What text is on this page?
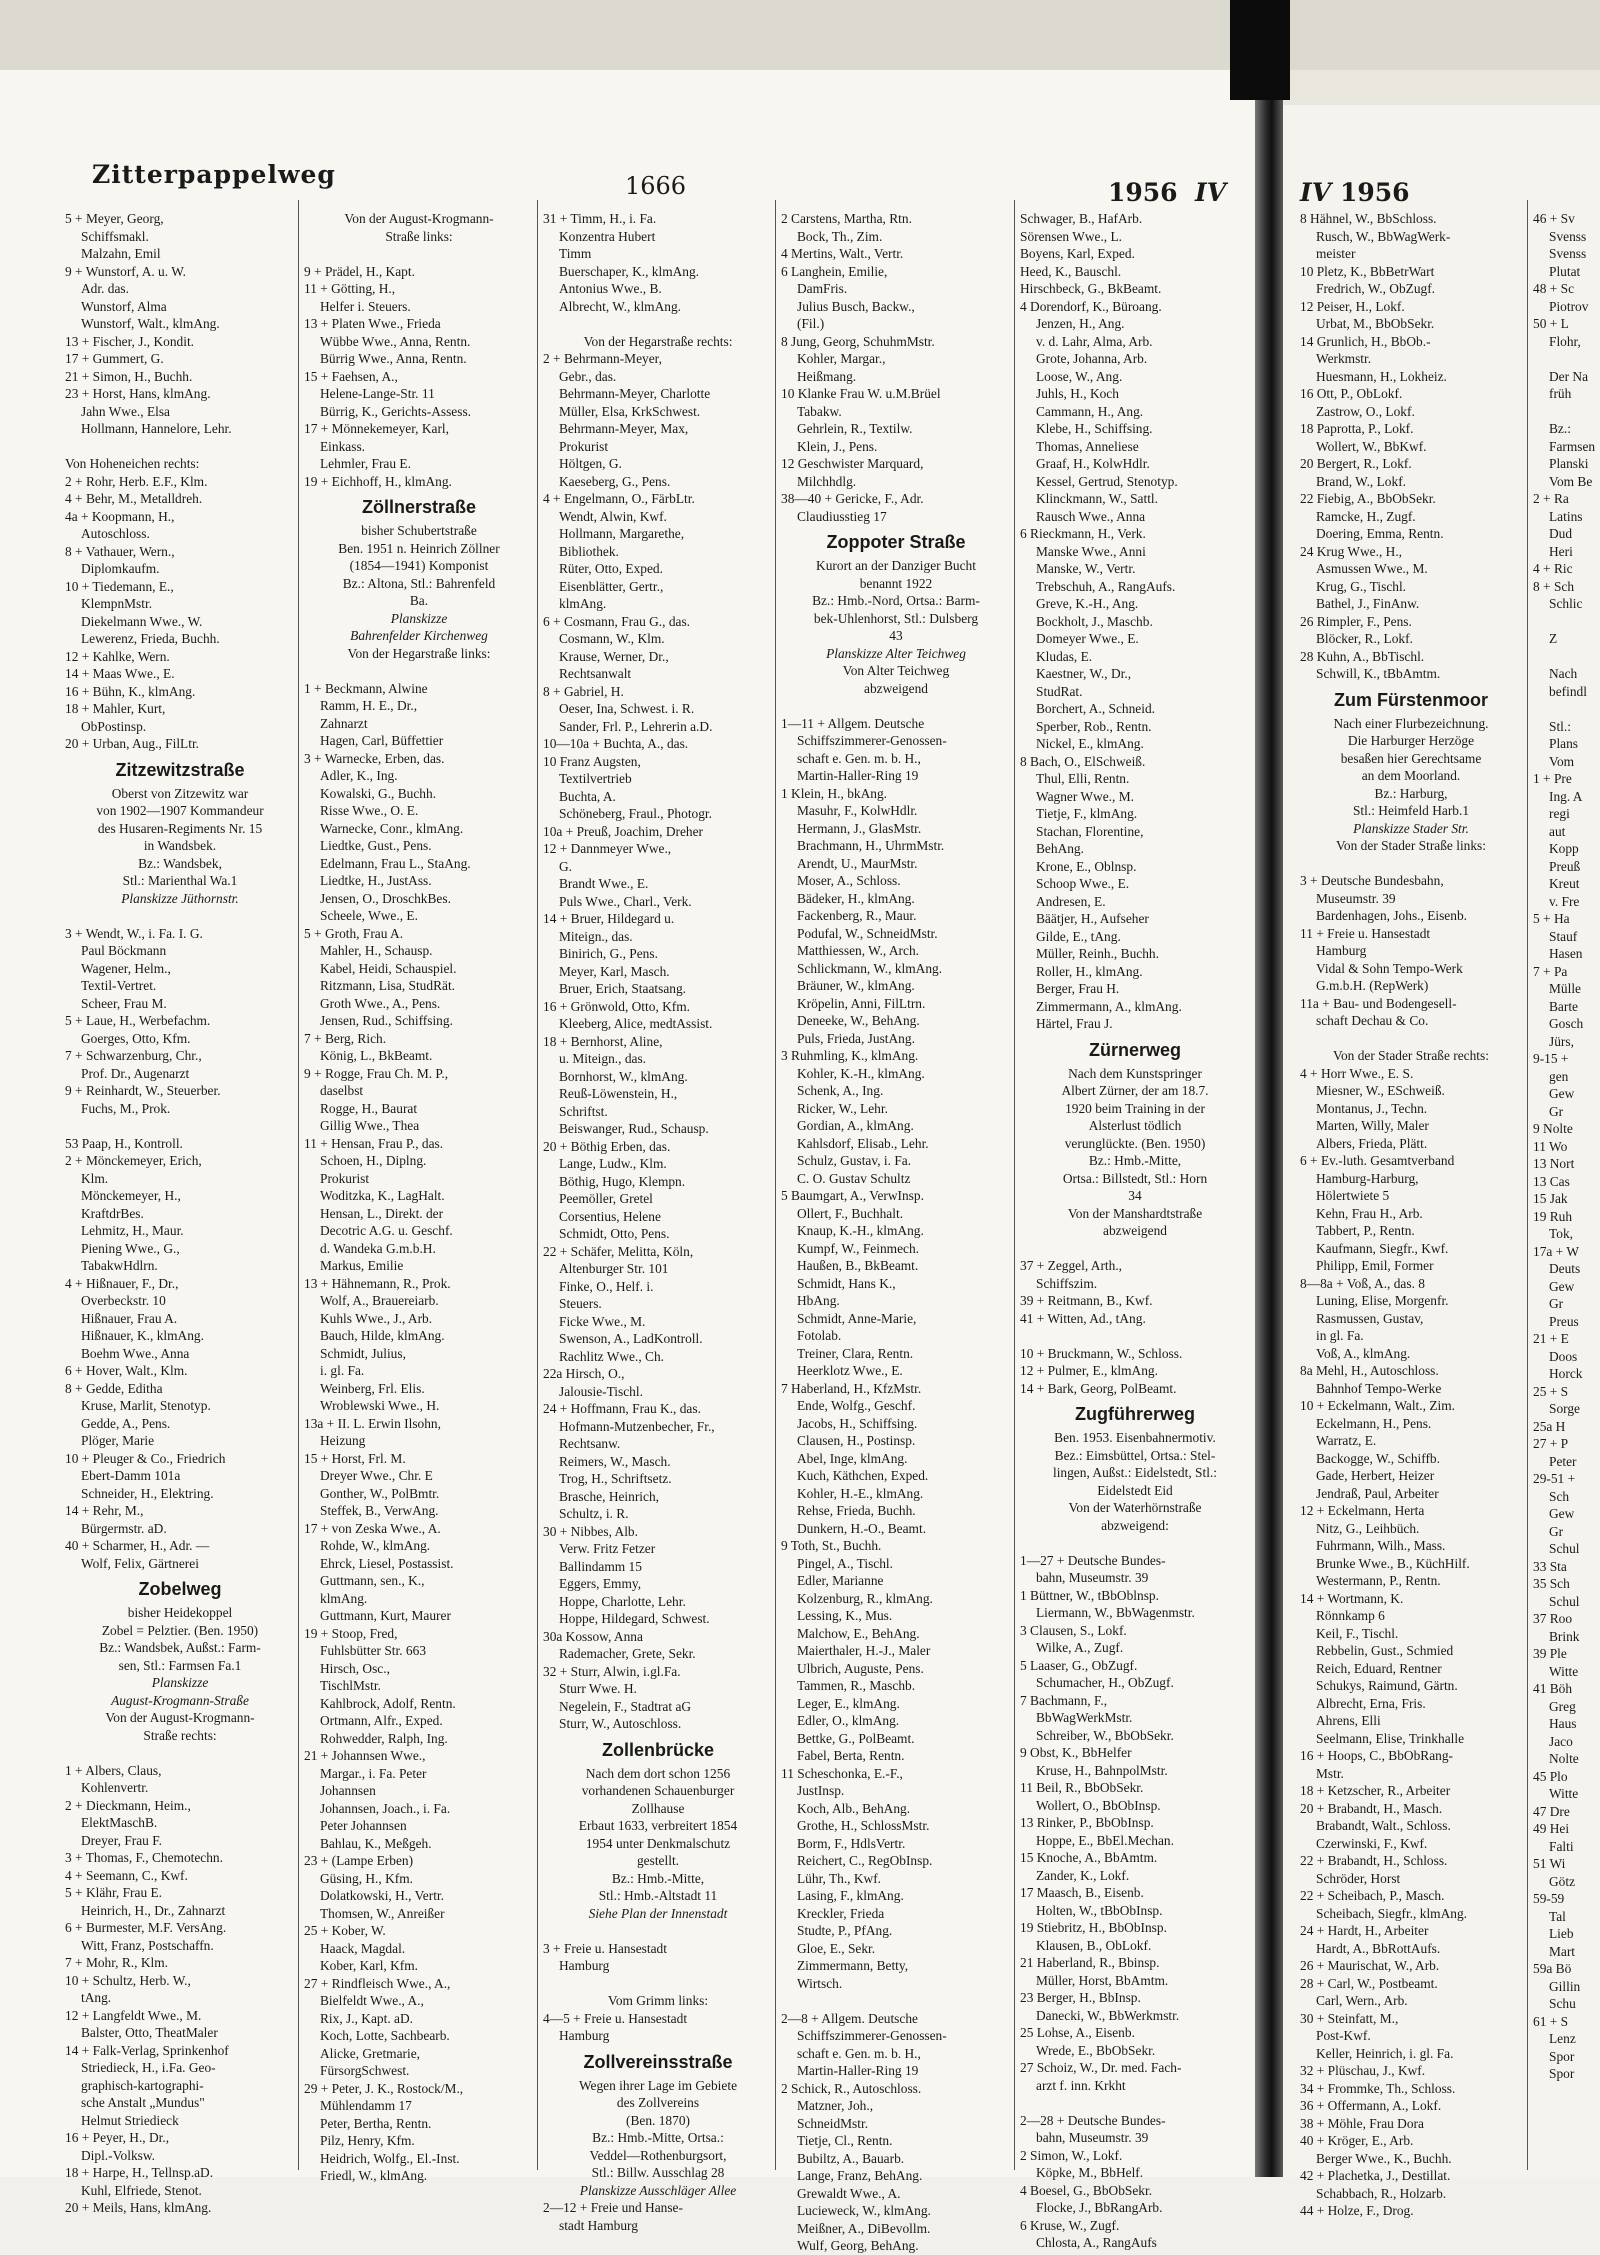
Zitterpappelweg	1666	1956 IV	IV 1956
5 + Meyer, Georg,
Schiffsmakl.
Malzahn, Emil
9 + Wunstorf, A. u. W.
Adr. das.
Wunstorf, Alma
Wunstorf, Walt., klmAng.
13 + Fischer, J., Kondit.
17 + Gummert, G.
21 + Simon, H., Buchh.
23 + Horst, Hans, klmAng.
Jahn Wwe., Elsa
Hollmann, Hannelore, Lehr.

Von Hoheneichen rechts:
2 + Rohr, Herb. E.F., Klm.
4 + Behr, M., Metalldreh.
4a + Koopmann, H.,
Autoschloss.
8 + Vathauer, Wern.,
Diplomkaufm.
10 + Tiedemann, E.,
KlempnMstr.
Diekelmann Wwe., W.
Lewerenz, Frieda, Buchh.
12 + Kahlke, Wern.
14 + Maas Wwe., E.
16 + Bühn, K., klmAng.
18 + Mahler, Kurt,
ObPostinsp.
20 + Urban, Aug., FilLtr.
Zitzewitzstraße
Oberst von Zitzewitz war
von 1902—1907 Kommandeur
des Husaren-Regiments Nr. 15
in Wandsbek.
Bz.: Wandsbek,
Stl.: Marienthal Wa.1
Planskizze Jüthornstr.

3 + Wendt, W., i. Fa. I. G.
Paul Böckmann
Wagener, Helm.,
Textil-Vertret.
Scheer, Frau M.
5 + Laue, H., Werbefachm.
Goerges, Otto, Kfm.
7 + Schwarzenburg, Chr.,
Prof. Dr., Augenarzt
9 + Reinhardt, W., Steuerber.
Fuchs, M., Prok.

53 Paap, H., Kontroll.
2 + Mönckemeyer, Erich,
Klm.
Mönckemeyer, H.,
KraftdrBes.
Lehmitz, H., Maur.
Piening Wwe., G.,
TabakwHdlrn.
4 + Hißnauer, F., Dr.,
Overbeckstr. 10
Hißnauer, Frau A.
Hißnauer, K., klmAng.
Boehm Wwe., Anna
6 + Hover, Walt., Klm.
8 + Gedde, Editha
Kruse, Marlit, Stenotyp.
Gedde, A., Pens.
Plöger, Marie
10 + Pleuger & Co., Friedrich
Ebert-Damm 101a
Schneider, H., Elektring.
14 + Rehr, M.,
Bürgermstr. aD.
40 + Scharmer, H., Adr. —
Wolf, Felix, Gärtnerei
Zobelweg
bisher Heidekoppel
Zobel = Pelztier. (Ben. 1950)
Bz.: Wandsbek, Außst.: Farm-
sen, Stl.: Farmsen Fa.1
Planskizze
August-Krogmann-Straße
Von der August-Krogmann-
Straße rechts:

1 + Albers, Claus,
Kohlenvertr.
2 + Dieckmann, Heim.,
ElektMaschB.
Dreyer, Frau F.
3 + Thomas, F., Chemotechn.
4 + Seemann, C., Kwf.
5 + Klähr, Frau E.
Heinrich, H., Dr., Zahnarzt
6 + Burmester, M.F. VersAng.
Witt, Franz, Postschaffn.
7 + Mohr, R., Klm.
10 + Schultz, Herb. W.,
tAng.
12 + Langfeldt Wwe., M.
Balster, Otto, TheatMaler
14 + Falk-Verlag, Sprinkenhof
Striedieck, H., i.Fa. Geo-
graphisch-kartographi-
sche Anstalt „Mundus"
Helmut Striedieck
16 + Peyer, H., Dr.,
Dipl.-Volksw.
18 + Harpe, H., Tellnsp.aD.
Kuhl, Elfriede, Stenot.
20 + Meils, Hans, klmAng.
Von der August-Krogmann-
Straße links:

9 + Prädel, H., Kapt.
11 + Götting, H.,
Helfer i. Steuers.
13 + Platen Wwe., Frieda
Wübbe Wwe., Anna, Rentn.
Bürrig Wwe., Anna, Rentn.
15 + Faehsen, A.,
Helene-Lange-Str. 11
Bürrig, K., Gerichts-Assess.
17 + Mönnekemeyer, Karl,
Einkass.
Lehmler, Frau E.
19 + Eichhoff, H., klmAng.
Zöllnerstraße
bisher Schubertstraße
Ben. 1951 n. Heinrich Zöllner
(1854—1941) Komponist
Bz.: Altona, Stl.: Bahrenfeld
Ba.
Planskizze
Bahrenfelder Kirchenweg
Von der Hegarstraße links:

1 + Beckmann, Alwine
Ramm, H. E., Dr.,
Zahnarzt
Hagen, Carl, Büffettier
3 + Warnecke, Erben, das.
Adler, K., Ing.
Kowalski, G., Buchh.
Risse Wwe., O. E.
Warnecke, Conr., klmAng.
Liedtke, Gust., Pens.
Edelmann, Frau L., StaAng.
Liedtke, H., JustAss.
Jensen, O., DroschkBes.
Scheele, Wwe., E.
5 + Groth, Frau A.
Mahler, H., Schausp.
Kabel, Heidi, Schauspiel.
Ritzmann, Lisa, StudRät.
Groth Wwe., A., Pens.
Jensen, Rud., Schiffsing.
7 + Berg, Rich.
König, L., BkBeamt.
9 + Rogge, Frau Ch. M. P.,
daselbst
Rogge, H., Baurat
Gillig Wwe., Thea
11 + Hensan, Frau P., das.
Schoen, H., Diplng.
Prokurist
Woditzka, K., LagHalt.
Hensan, L., Direkt. der
Decotric A.G. u. Geschf.
d. Wandeka G.m.b.H.
Markus, Emilie
13 + Hähnemann, R., Prok.
Wolf, A., Brauereiarb.
Kuhls Wwe., J., Arb.
Bauch, Hilde, klmAng.
Schmidt, Julius,
i. gl. Fa.
Weinberg, Frl. Elis.
Wroblewski Wwe., H.
13a + II. L. Erwin Ilsohn,
Heizung
15 + Horst, Frl. M.
Dreyer Wwe., Chr. E
Gonther, W., PolBmtr.
Steffek, B., VerwAng.
17 + von Zeska Wwe., A.
Rohde, W., klmAng.
Ehrck, Liesel, Postassist.
Guttmann, sen., K.,
klmAng.
Guttmann, Kurt, Maurer
19 + Stoop, Fred,
Fuhlsbütter Str. 663
Hirsch, Osc.,
TischlMstr.
Kahlbrock, Adolf, Rentn.
Ortmann, Alfr., Exped.
Rohwedder, Ralph, Ing.
21 + Johannsen Wwe.,
Margar., i. Fa. Peter
Johannsen
Johannsen, Joach., i. Fa.
Peter Johannsen
Bahlau, K., Meßgeh.
23 + (Lampe Erben)
Güsing, H., Kfm.
Dolatkowski, H., Vertr.
Thomsen, W., Anreißer
25 + Kober, W.
Haack, Magdal.
Kober, Karl, Kfm.
27 + Rindfleisch Wwe., A.,
Bielfeldt Wwe., A.,
Rix, J., Kapt. aD.
Koch, Lotte, Sachbearb.
Alicke, Gretmarie,
FürsorgSchwest.
29 + Peter, J. K., Rostock/M.,
Mühlendamm 17
Peter, Bertha, Rentn.
Pilz, Henry, Kfm.
Heidrich, Wolfg., El.-Inst.
Friedl, W., klmAng.
31 + Timm, H., i. Fa.
Konzentra Hubert
Timm
Buerschaper, K., klmAng.
Antonius Wwe., B.
Albrecht, W., klmAng.

Von der Hegarstraße rechts:
2 + Behrmann-Meyer,
Gebr., das.
Behrmann-Meyer, Charlotte
Müller, Elsa, KrkSchwest.
Behrmann-Meyer, Max,
Prokurist
Höltgen, G.
Kaeseberg, G., Pens.
4 + Engelmann, O., FärbLtr.
Wendt, Alwin, Kwf.
Hollmann, Margarethe,
Bibliothek.
Rüter, Otto, Exped.
Eisenblätter, Gertr.,
klmAng.
6 + Cosmann, Frau G., das.
Cosmann, W., Klm.
Krause, Werner, Dr.,
Rechtsanwalt
8 + Gabriel, H.
Oeser, Ina, Schwest. i. R.
Sander, Frl. P., Lehrerin a.D.
10—10a + Buchta, A., das.
10 Franz Augsten,
Textilvertrieb
Buchta, A.
Schöneberg, Fraul., Photogr.
10a + Preuß, Joachim, Dreher
12 + Dannmeyer Wwe.,
G.
Brandt Wwe., E.
Puls Wwe., Charl., Verk.
14 + Bruer, Hildegard u.
Miteign., das.
Binirich, G., Pens.
Meyer, Karl, Masch.
Bruer, Erich, Staatsang.
16 + Grönwold, Otto, Kfm.
Kleeberg, Alice, medtAssist.
18 + Bernhorst, Aline,
u. Miteign., das.
Bornhorst, W., klmAng.
Reuß-Löwenstein, H.,
Schriftst.
Beiswanger, Rud., Schausp.
20 + Böthig Erben, das.
Lange, Ludw., Klm.
Böthig, Hugo, Klempn.
Peemöller, Gretel
Corsentius, Helene
Schmidt, Otto, Pens.
22 + Schäfer, Melitta, Köln,
Altenburger Str. 101
Finke, O., Helf. i.
Steuers.
Ficke Wwe., M.
Swenson, A., LadKontroll.
Rachlitz Wwe., Ch.
22a Hirsch, O.,
Jalousie-Tischl.
24 + Hoffmann, Frau K., das.
Hofmann-Mutzenbecher, Fr.,
Rechtsanw.
Reimers, W., Masch.
Trog, H., Schriftsetz.
Brasche, Heinrich,
Schultz, i. R.
30 + Nibbes, Alb.
Verw. Fritz Fetzer
Ballindamm 15
Eggers, Emmy,
Hoppe, Charlotte, Lehr.
Hoppe, Hildegard, Schwest.
30a Kossow, Anna
Rademacher, Grete, Sekr.
32 + Sturr, Alwin, i.gl.Fa.
Sturr Wwe. H.
Negelein, F., Stadtrat aG
Sturr, W., Autoschloss.
Zollenbrücke
Nach dem dort schon 1256
vorhandenen Schauenburger
Zollhause
Erbaut 1633, verbreitert 1854
1954 unter Denkmalschutz
gestellt.
Bz.: Hmb.-Mitte,
Stl.: Hmb.-Altstadt 11
Siehe Plan der Innenstadt

3 + Freie u. Hansestadt
Hamburg

Vom Grimm links:
4—5 + Freie u. Hansestadt
Hamburg
Zollvereinsstraße
Wegen ihrer Lage im Gebiete
des Zollvereins
(Ben. 1870)
Bz.: Hmb.-Mitte, Ortsa.:
Veddel—Rothenburgsort,
Stl.: Billw. Ausschlag 28
Planskizze Ausschläger Allee
2—12 + Freie und Hanse-
stadt Hamburg
2 Carstens, Martha, Rtn.
Bock, Th., Zim.
4 Mertins, Walt., Vertr.
6 Langhein, Emilie,
DamFris.
Julius Busch, Backw.,
(Fil.)
8 Jung, Georg, SchuhmMstr.
Kohler, Margar.,
Heißmang.
10 Klanke Frau W. u.M.Brüel
Tabakw.
Gehrlein, R., Textilw.
Klein, J., Pens.
12 Geschwister Marquard,
Milchhdlg.
38—40 + Gericke, F., Adr.
Claudiusstieg 17
Zoppoter Straße
Kurort an der Danziger Bucht
benannt 1922
Bz.: Hmb.-Nord, Ortsa.: Barm-
bek-Uhlenhorst, Stl.: Dulsberg
43
Planskizze Alter Teichweg
Von Alter Teichweg
abzweigend

1—11 + Allgem. Deutsche
Schiffszimmerer-Genossen-
schaft e. Gen. m. b. H.,
Martin-Haller-Ring 19
1 Klein, H., bkAng.
Masuhr, F., KolwHdlr.
Hermann, J., GlasMstr.
Brachmann, H., UhrmMstr.
Arendt, U., MaurMstr.
Moser, A., Schloss.
Bädeker, H., klmAng.
Fackenberg, R., Maur.
Podufal, W., SchneidMstr.
Matthiessen, W., Arch.
Schlickmann, W., klmAng.
Bräuner, W., klmAng.
Kröpelin, Anni, FilLtrn.
Deneeke, W., BehAng.
Puls, Frieda, JustAng.
3 Ruhmling, K., klmAng.
Kohler, K.-H., klmAng.
Schenk, A., Ing.
Ricker, W., Lehr.
Gordian, A., klmAng.
Kahlsdorf, Elisab., Lehr.
Schulz, Gustav, i. Fa.
C. O. Gustav Schultz
5 Baumgart, A., VerwInsp.
Ollert, F., Buchhalt.
Knaup, K.-H., klmAng.
Kumpf, W., Feinmech.
Haußen, B., BkBeamt.
Schmidt, Hans K.,
HbAng.
Schmidt, Anne-Marie,
Fotolab.
Treiner, Clara, Rentn.
Heerklotz Wwe., E.
7 Haberland, H., KfzMstr.
Ende, Wolfg., Geschf.
Jacobs, H., Schiffsing.
Clausen, H., Postinsp.
Abel, Inge, klmAng.
Kuch, Käthchen, Exped.
Kohler, H.-E., klmAng.
Rehse, Frieda, Buchh.
Dunkern, H.-O., Beamt.
9 Toth, St., Buchh.
Pingel, A., Tischl.
Edler, Marianne
Kolzenburg, R., klmAng.
Lessing, K., Mus.
Malchow, E., BehAng.
Maierthaler, H.-J., Maler
Ulbrich, Auguste, Pens.
Tammen, R., Maschb.
Leger, E., klmAng.
Edler, O., klmAng.
Bettke, G., PolBeamt.
Fabel, Berta, Rentn.
11 Scheschonka, E.-F.,
JustInsp.
Koch, Alb., BehAng.
Grothe, H., SchlossMstr.
Borm, F., HdlsVertr.
Reichert, C., RegObInsp.
Lühr, Th., Kwf.
Lasing, F., klmAng.
Kreckler, Frieda
Studte, P., PfAng.
Gloe, E., Sekr.
Zimmermann, Betty,
Wirtsch.

2—8 + Allgem. Deutsche
Schiffszimmerer-Genossen-
schaft e. Gen. m. b. H.,
Martin-Haller-Ring 19
2 Schick, R., Autoschloss.
Matzner, Joh.,
SchneidMstr.
Tietje, Cl., Rentn.
Bubiltz, A., Bauarb.
Lange, Franz, BehAng.
Grewaldt Wwe., A.
Lucieweck, W., klmAng.
Meißner, A., DiBevollm.
Wulf, Georg, BehAng.
Schwager, B., HafArb.
Sörensen Wwe., L.
Boyens, Karl, Exped.
Heed, K., Bauschl.
Hirschbeck, G., BkBeamt.
4 Dorendorf, K., Büroang.
Jenzen, H., Ang.
v. d. Lahr, Alma, Arb.
Grote, Johanna, Arb.
Loose, W., Ang.
Juhls, H., Koch
Cammann, H., Ang.
Klebe, H., Schiffsing.
Thomas, Anneliese
Graaf, H., KolwHdlr.
Kessel, Gertrud, Stenotyp.
Klinckmann, W., Sattl.
Rausch Wwe., Anna
6 Rieckmann, H., Verk.
Manske Wwe., Anni
Manske, W., Vertr.
Trebschuh, A., RangAufs.
Greve, K.-H., Ang.
Bockholt, J., Maschb.
Domeyer Wwe., E.
Kludas, E.
Kaestner, W., Dr.,
StudRat.
Borchert, A., Schneid.
Sperber, Rob., Rentn.
Nickel, E., klmAng.
8 Bach, O., ElSchweiß.
Thul, Elli, Rentn.
Wagner Wwe., M.
Tietje, F., klmAng.
Stachan, Florentine,
BehAng.
Krone, E., Oblnsp.
Schoop Wwe., E.
Andresen, E.
Bäätjer, H., Aufseher
Gilde, E., tAng.
Müller, Reinh., Buchh.
Roller, H., klmAng.
Berger, Frau H.
Zimmermann, A., klmAng.
Härtel, Frau J.
Zürnerweg
Nach dem Kunstspringer
Albert Zürner, der am 18.7.
1920 beim Training in der
Alsterlust tödlich
verunglückte. (Ben. 1950)
Bz.: Hmb.-Mitte,
Ortsa.: Billstedt, Stl.: Horn
34
Von der Manshardtstraße
abzweigend

37 + Zeggel, Arth.,
Schiffszim.
39 + Reitmann, B., Kwf.
41 + Witten, Ad., tAng.

10 + Bruckmann, W., Schloss.
12 + Pulmer, E., klmAng.
14 + Bark, Georg, PolBeamt.
Zugführerweg
Ben. 1953. Eisenbahnermotiv.
Bez.: Eimsbüttel, Ortsa.: Stel-
lingen, Außst.: Eidelstedt, Stl.:
Eidelstedt Eid
Von der Waterhörnstraße
abzweigend:

1—27 + Deutsche Bundes-
bahn, Museumstr. 39
1 Büttner, W., tBbOblnsp.
Liermann, W., BbWagenmstr.
3 Clausen, S., Lokf.
Wilke, A., Zugf.
5 Laaser, G., ObZugf.
Schumacher, H., ObZugf.
7 Bachmann, F.,
BbWagWerkMstr.
Schreiber, W., BbObSekr.
9 Obst, K., BbHelfer
Kruse, H., BahnpolMstr.
11 Beil, R., BbObSekr.
Wollert, O., BbObInsp.
13 Rinker, P., BbObInsp.
Hoppe, E., BbEl.Mechan.
15 Knoche, A., BbAmtm.
Zander, K., Lokf.
17 Maasch, B., Eisenb.
Holten, W., tBbObInsp.
19 Stiebritz, H., BbObInsp.
Klausen, B., ObLokf.
21 Haberland, R., Bbinsp.
Müller, Horst, BbAmtm.
23 Berger, H., BbInsp.
Danecki, W., BbWerkmstr.
25 Lohse, A., Eisenb.
Wrede, E., BbObSekr.
27 Schoiz, W., Dr. med. Fach-
arzt f. inn. Krkht

2—28 + Deutsche Bundes-
bahn, Museumstr. 39
2 Simon, W., Lokf.
Köpke, M., BbHelf.
4 Boesel, G., BbObSekr.
Flocke, J., BbRangArb.
6 Kruse, W., Zugf.
Chlosta, A., RangAufs
8 Hähnel, W., BbSchloss.
Rusch, W., BbWagWerk-
meister
10 Pletz, K., BbBetrWart
Fredrich, W., ObZugf.
12 Peiser, H., Lokf.
Urbat, M., BbObSekr.
14 Grunlich, H., BbOb.-
Werkmstr.
Huesmann, H., Lokheiz.
16 Ott, P., ObLokf.
Zastrow, O., Lokf.
18 Paprotta, P., Lokf.
Wollert, W., BbKwf.
20 Bergert, R., Lokf.
Brand, W., Lokf.
22 Fiebig, A., BbObSekr.
Ramcke, H., Zugf.
Doering, Emma, Rentn.
24 Krug Wwe., H.,
Asmussen Wwe., M.
Krug, G., Tischl.
Bathel, J., FinAnw.
26 Rimpler, F., Pens.
Blöcker, R., Lokf.
28 Kuhn, A., BbTischl.
Schwill, K., tBbAmtm.
Zum Fürstenmoor
Nach einer Flurbezeichnung.
Die Harburger Herzöge
besaßen hier Gerechtsame
an dem Moorland.
Bz.: Harburg,
Stl.: Heimfeld Harb.1
Planskizze Stader Str.
Von der Stader Straße links:

3 + Deutsche Bundesbahn,
Museumstr. 39
Bardenhagen, Johs., Eisenb.
11 + Freie u. Hansestadt
Hamburg
Vidal & Sohn Tempo-Werk
G.m.b.H. (RepWerk)
11a + Bau- und Bodengesell-
schaft Dechau & Co.

Von der Stader Straße rechts:
4 + Horr Wwe., E. S.
Miesner, W., ESchweiß.
Montanus, J., Techn.
Marten, Willy, Maler
Albers, Frieda, Plätt.
6 + Ev.-luth. Gesamtverband
Hamburg-Harburg,
Hölertwiete 5
Kehn, Frau H., Arb.
Tabbert, P., Rentn.
Kaufmann, Siegfr., Kwf.
Philipp, Emil, Former
8—8a + Voß, A., das. 8
Luning, Elise, Morgenfr.
Rasmussen, Gustav,
in gl. Fa.
Voß, A., klmAng.
8a Mehl, H., Autoschloss.
Bahnhof Tempo-Werke
10 + Eckelmann, Walt., Zim.
Eckelmann, H., Pens.
Warratz, E.
Backogge, W., Schiffb.
Gade, Herbert, Heizer
Jendraß, Paul, Arbeiter
12 + Eckelmann, Herta
Nitz, G., Leihbüch.
Fuhrmann, Wilh., Mass.
Brunke Wwe., B., KüchHilf.
Westermann, P., Rentn.
14 + Wortmann, K.
Rönnkamp 6
Keil, F., Tischl.
Rebbelin, Gust., Schmied
Reich, Eduard, Rentner
Schukys, Raimund, Gärtn.
Albrecht, Erna, Fris.
Ahrens, Elli
Seelmann, Elise, Trinkhalle
16 + Hoops, C., BbObRang-
Mstr.
18 + Ketzscher, R., Arbeiter
20 + Brabandt, H., Masch.
Brabandt, Walt., Schloss.
Czerwinski, F., Kwf.
22 + Brabandt, H., Schloss.
Schröder, Horst
22 + Scheibach, P., Masch.
Scheibach, Siegfr., klmAng.
24 + Hardt, H., Arbeiter
Hardt, A., BbRottAufs.
26 + Maurischat, W., Arb.
28 + Carl, W., Postbeamt.
Carl, Wern., Arb.
30 + Steinfatt, M.,
Post-Kwf.
Keller, Heinrich, i. gl. Fa.
32 + Plüschau, J., Kwf.
34 + Frommke, Th., Schloss.
36 + Offermann, A., Lokf.
38 + Möhle, Frau Dora
40 + Kröger, E., Arb.
Berger Wwe., K., Buchh.
42 + Plachetka, J., Destillat.
Schabbach, R., Holzarb.
44 + Holze, F., Drog.
46 + Sv
Svenss
Svenss
Plutat
48 + Sc
Piotrov
50 + L
Flohr,

Der Na
früh

Bz.:
Farmsen
Planski
Vom Be
2 + Ra
Latins
Dud
Heri
4 + Ric
8 + Sch
Schlic

Z

Nach
befindl

Stl.:
Plans
Vom
1 + Pre
Ing. A
regi
aut
Kopp
Preuß
Kreut
v. Fre
5 + Ha
Stauf
Hasen
7 + Pa
Mülle
Barte
Gosch
Jürs,
9-15 +
gen
Gew
Gr
9 Nolte
11 Wo
13 Nort
13 Cas
15 Jak
19 Ruh
Tok,
17a + W
Deuts
Gew
Gr
Preus
21 + E
Doos
Horck
25 + S
Sorge
25a H
27 + P
Peter
29-51 +
Sch
Gew
Gr
Schul
33 Sta
35 Sch
Schul
37 Roo
Brink
39 Ple
Witte
41 Böh
Greg
Haus
Jaco
Nolte
45 Plo
Witte
47 Dre
49 Hei
Falti
51 Wi
Götz
59-59
Tal
Lieb
Mart
59a Bö
Gillin
Schu
61 + S
Lenz
Spor
Spor
